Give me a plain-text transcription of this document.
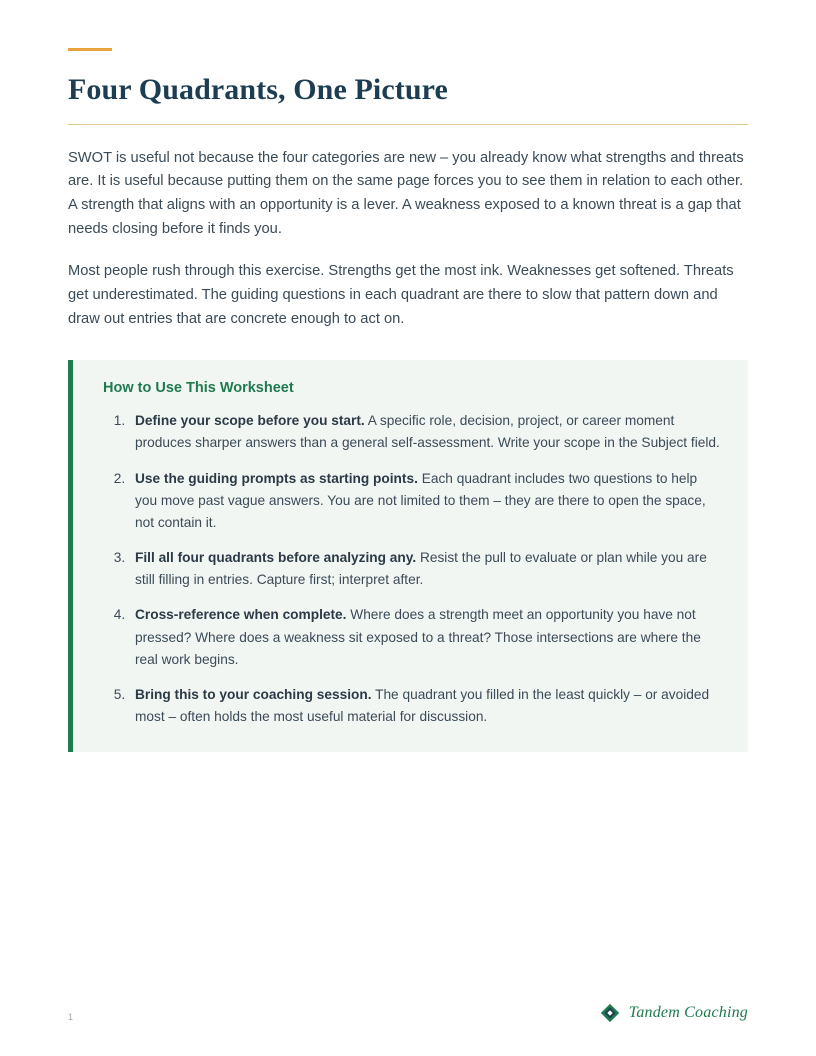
Four Quadrants, One Picture

SWOT is useful not because the four categories are new – you already know what strengths and threats are. It is useful because putting them on the same page forces you to see them in relation to each other. A strength that aligns with an opportunity is a lever. A weakness exposed to a known threat is a gap that needs closing before it finds you.

Most people rush through this exercise. Strengths get the most ink. Weaknesses get softened. Threats get underestimated. The guiding questions in each quadrant are there to slow that pattern down and draw out entries that are concrete enough to act on.

How to Use This Worksheet
1. Define your scope before you start. A specific role, decision, project, or career moment produces sharper answers than a general self-assessment. Write your scope in the Subject field.
2. Use the guiding prompts as starting points. Each quadrant includes two questions to help you move past vague answers. You are not limited to them – they are there to open the space, not contain it.
3. Fill all four quadrants before analyzing any. Resist the pull to evaluate or plan while you are still filling in entries. Capture first; interpret after.
4. Cross-reference when complete. Where does a strength meet an opportunity you have not pressed? Where does a weakness sit exposed to a threat? Those intersections are where the real work begins.
5. Bring this to your coaching session. The quadrant you filled in the least quickly – or avoided most – often holds the most useful material for discussion.
1	Tandem Coaching
